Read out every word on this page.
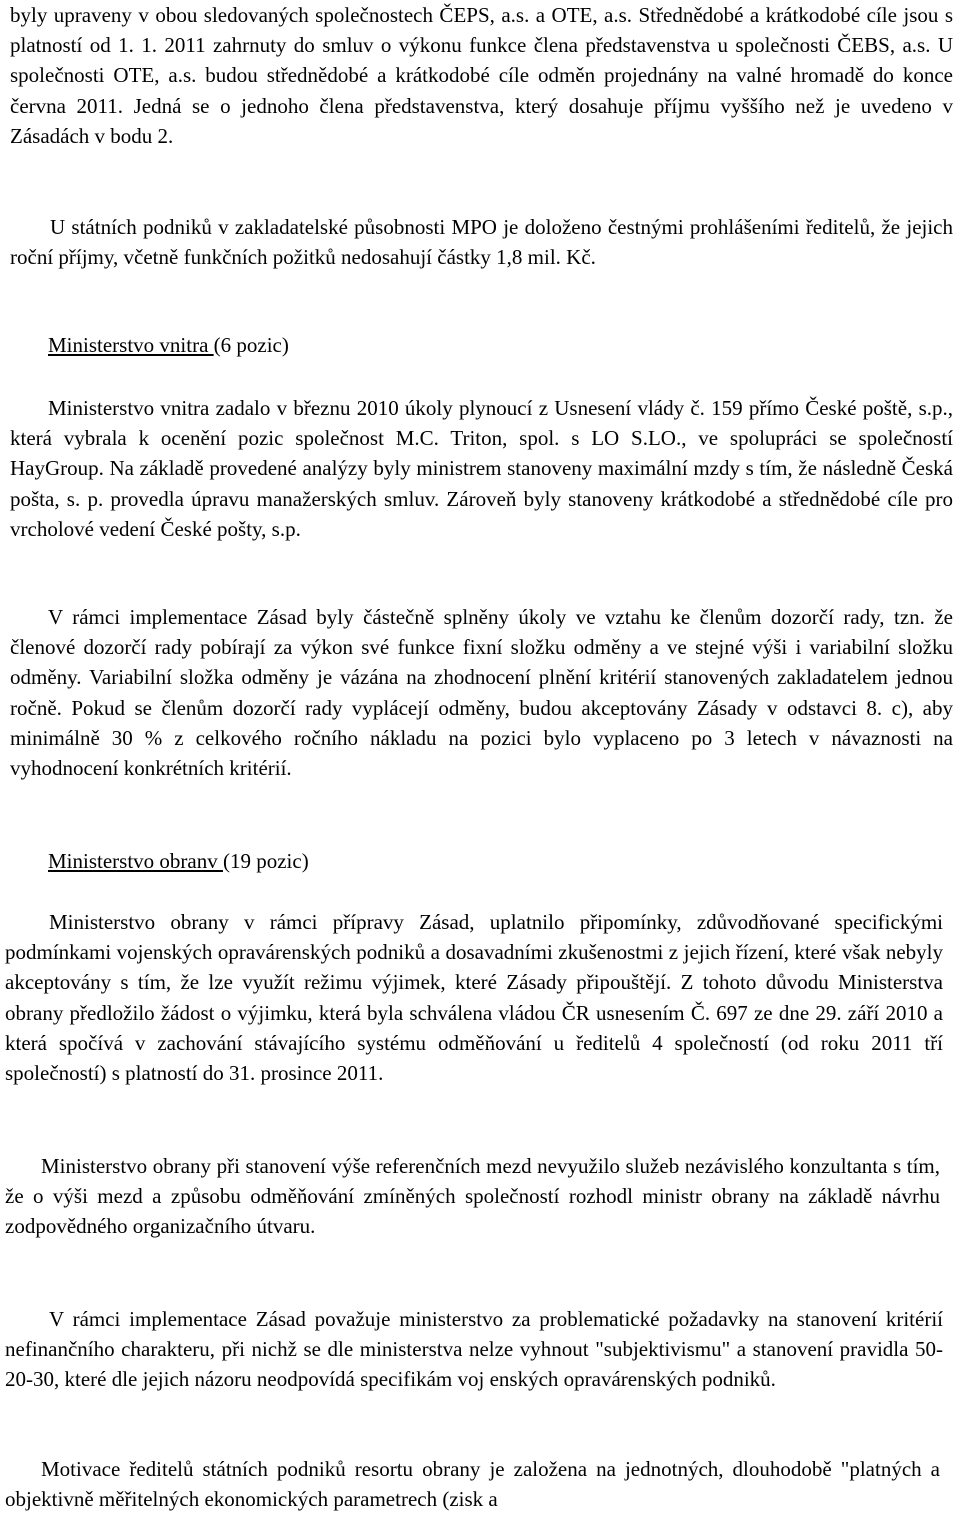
byly upraveny v obou sledovaných společnostech ČEPS, a.s. a OTE, a.s. Střednědobé a krátkodobé cíle jsou s platností od 1. 1. 2011 zahrnuty do smluv o výkonu funkce člena představenstva u společnosti ČEBS, a.s. U společnosti OTE, a.s. budou střednědobé a krátkodobé cíle odměn projednány na valné hromadě do konce června 2011. Jedná se o jednoho člena představenstva, který dosahuje příjmu vyššího než je uvedeno v Zásadách v bodu 2.

U státních podniků v zakladatelské působnosti MPO je doloženo čestnými prohlášeními ředitelů, že jejich roční příjmy, včetně funkčních požitků nedosahují částky 1,8 mil. Kč.

Ministerstvo vnitra (6 pozic)

Ministerstvo vnitra zadalo v březnu 2010 úkoly plynoucí z Usnesení vlády č. 159 přímo České poště, s.p., která vybrala k ocenění pozic společnost M.C. Triton, spol. s LO S.LO., ve spolupráci se společností HayGroup. Na základě provedené analýzy byly ministrem stanoveny maximální mzdy s tím, že následně Česká pošta, s. p. provedla úpravu manažerských smluv. Zároveň byly stanoveny krátkodobé a střednědobé cíle pro vrcholové vedení České pošty, s.p.

V rámci implementace Zásad byly částečně splněny úkoly ve vztahu ke členům dozorčí rady, tzn. že členové dozorčí rady pobírají za výkon své funkce fixní složku odměny a ve stejné výši i variabilní složku odměny. Variabilní složka odměny je vázána na zhodnocení plnění kritérií stanovených zakladatelem jednou ročně. Pokud se členům dozorčí rady vyplácejí odměny, budou akceptovány Zásady v odstavci 8. c), aby minimálně 30 % z celkového ročního nákladu na pozici bylo vyplaceno po 3 letech v návaznosti na vyhodnocení konkrétních kritérií.

Ministerstvo obranv (19 pozic)

Ministerstvo obrany v rámci přípravy Zásad, uplatnilo připomínky, zdůvodňované specifickými podmínkami vojenských opravárenských podniků a dosavadními zkušenostmi z jejich řízení, které však nebyly akceptovány s tím, že lze využít režimu výjimek, které Zásady připouštějí. Z tohoto důvodu Ministerstva obrany předložilo žádost o výjimku, která byla schválena vládou ČR usnesením Č. 697 ze dne 29. září 2010 a která spočívá v zachování stávajícího systému odměňování u ředitelů 4 společností (od roku 2011 tří společností) s platností do 31. prosince 2011.

Ministerstvo obrany při stanovení výše referenčních mezd nevyužilo služeb nezávislého konzultanta s tím, že o výši mezd a způsobu odměňování zmíněných společností rozhodl ministr obrany na základě návrhu zodpovědného organizačního útvaru.

V rámci implementace Zásad považuje ministerstvo za problematické požadavky na stanovení kritérií nefinančního charakteru, při nichž se dle ministerstva nelze vyhnout "subjektivismu" a stanovení pravidla 50-20-30, které dle jejich názoru neodpovídá specifikám voj enských opravárenských podniků.

Motivace ředitelů státních podniků resortu obrany je založena na jednotných, dlouhodobě "platných a objektivně měřitelných ekonomických parametrech (zisk a
